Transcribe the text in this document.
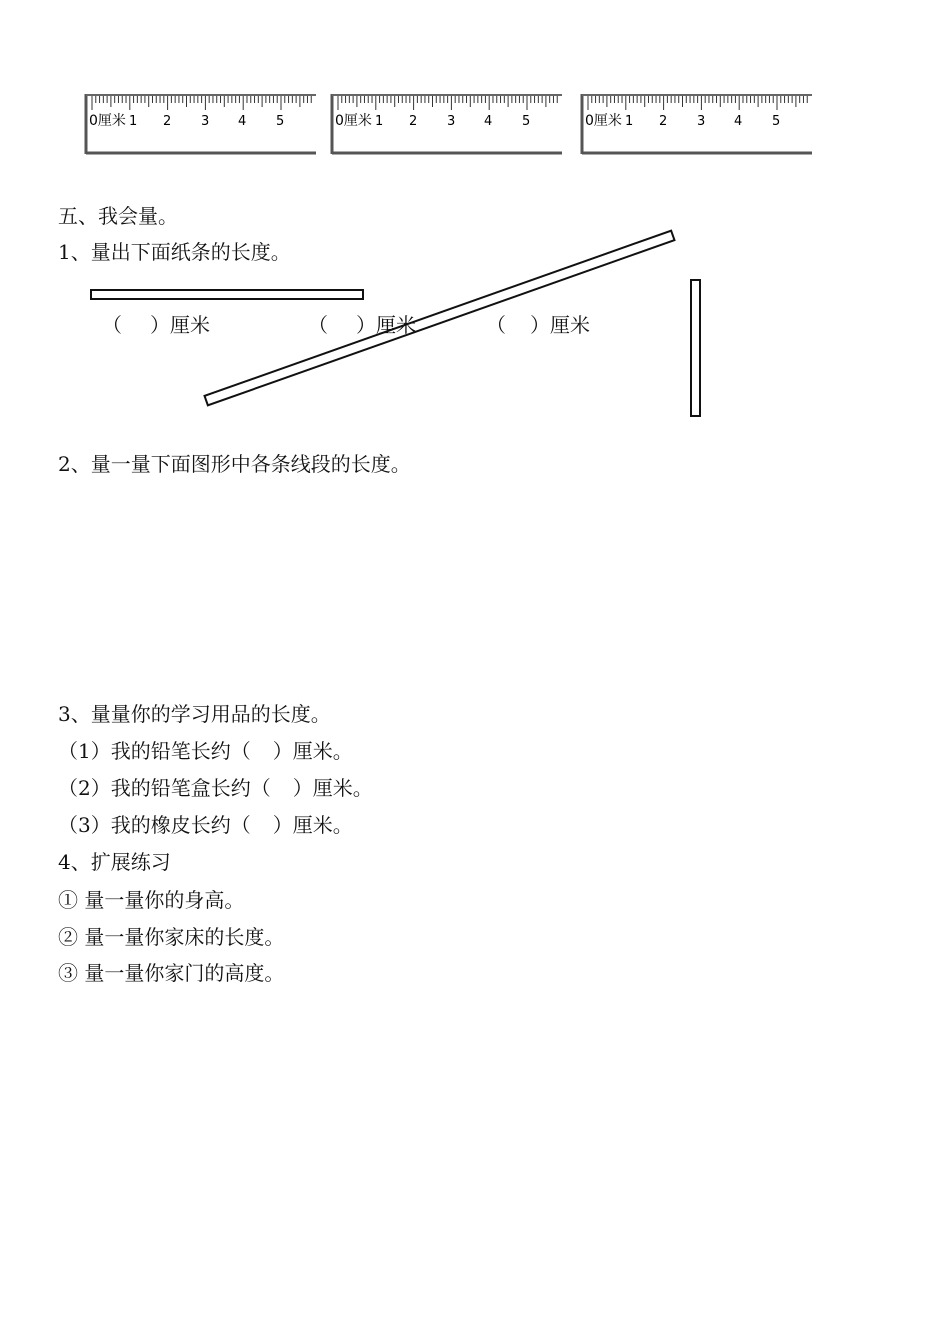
0厘米 1 2 3 4 5	0厘米 1 2 3 4 5	0厘米 1 2 3 4 5
五、我会量。
1、量出下面纸条的长度。
（ ）厘米	（ ）厘米	（ ）厘米
2、量一量下面图形中各条线段的长度。
3、量量你的学习用品的长度。
（1）我的铅笔长约（ ）厘米。
（2）我的铅笔盒长约（ ）厘米。
（3）我的橡皮长约（ ）厘米。
4、扩展练习
① 量一量你的身高。
② 量一量你家床的长度。
③ 量一量你家门的高度。
